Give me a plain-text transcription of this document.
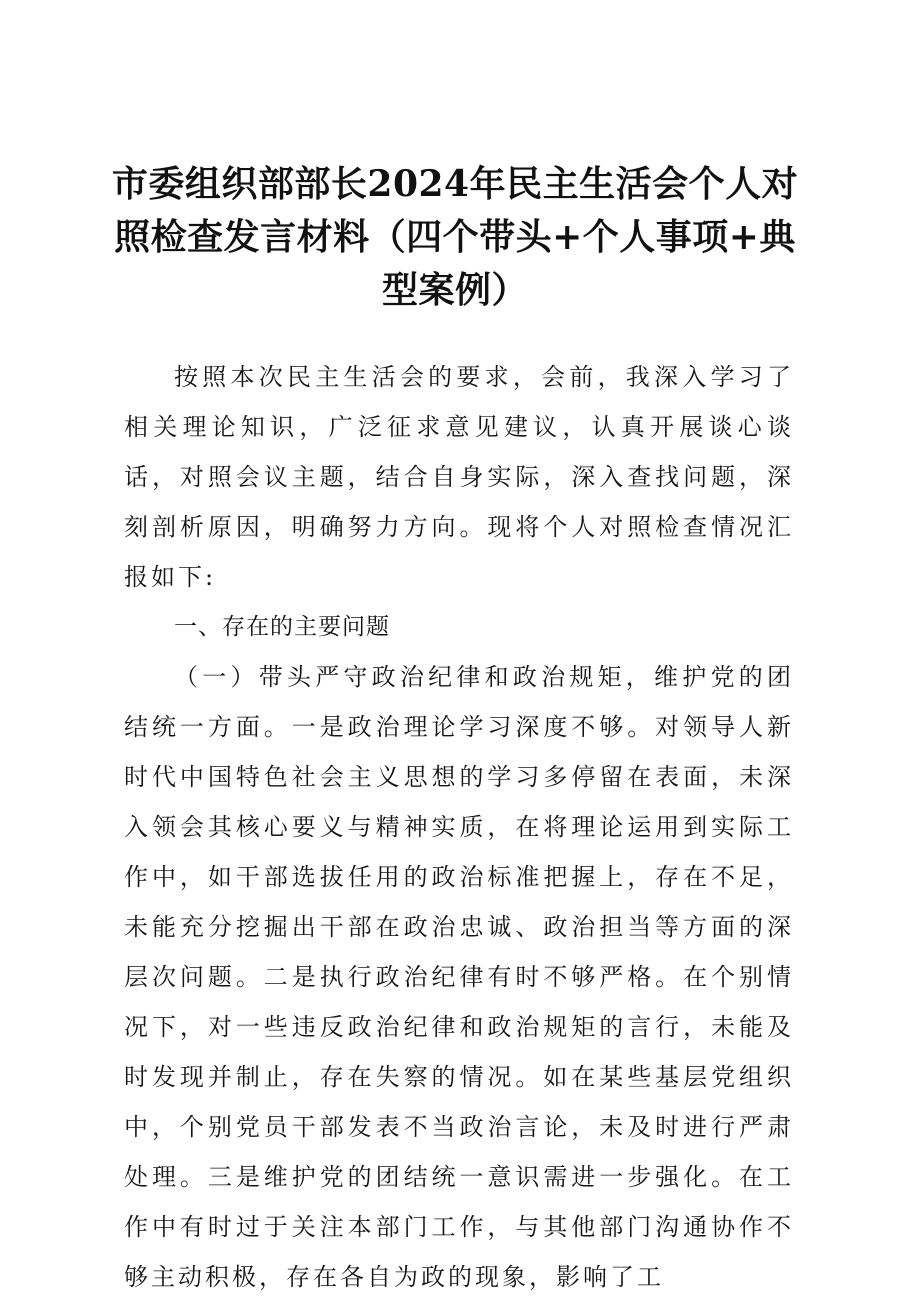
市委组织部部长2024年民主生活会个人对照检查发言材料（四个带头+个人事项+典型案例）

按照本次民主生活会的要求，会前，我深入学习了相关理论知识，广泛征求意见建议，认真开展谈心谈话，对照会议主题，结合自身实际，深入查找问题，深刻剖析原因，明确努力方向。现将个人对照检查情况汇报如下:

一、存在的主要问题

（一）带头严守政治纪律和政治规矩，维护党的团结统一方面。一是政治理论学习深度不够。对领导人新时代中国特色社会主义思想的学习多停留在表面，未深入领会其核心要义与精神实质，在将理论运用到实际工作中，如干部选拔任用的政治标准把握上，存在不足，未能充分挖掘出干部在政治忠诚、政治担当等方面的深层次问题。二是执行政治纪律有时不够严格。在个别情况下，对一些违反政治纪律和政治规矩的言行，未能及时发现并制止，存在失察的情况。如在某些基层党组织中，个别党员干部发表不当政治言论，未及时进行严肃处理。三是维护党的团结统一意识需进一步强化。在工作中有时过于关注本部门工作，与其他部门沟通协作不够主动积极，存在各自为政的现象，影响了工
